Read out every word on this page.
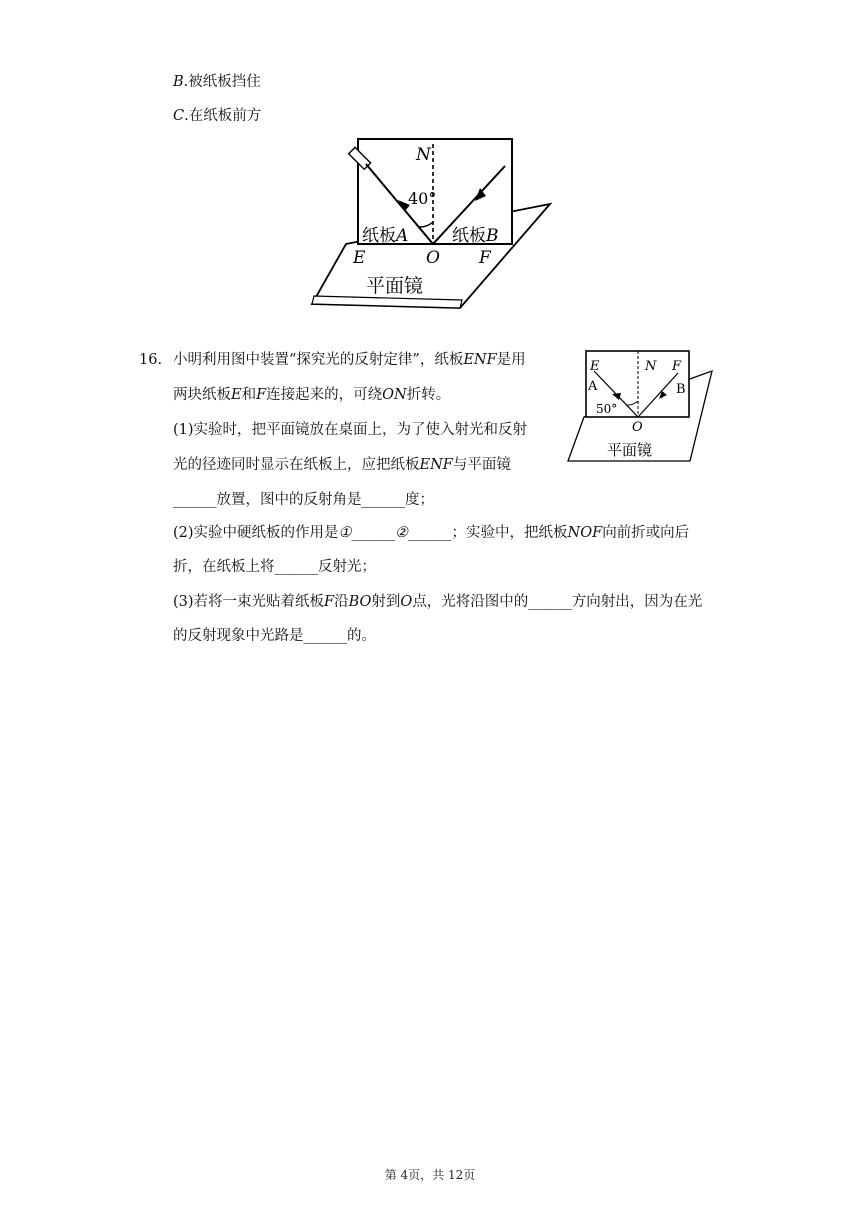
B.被纸板挡住
C.在纸板前方
N
40°
纸板A	纸板B
E	O F
平面镜
16. 小明利用图中装置“探究光的反射定律”，纸板ENF是用
两块纸板E和F连接起来的，可绕ON折转。
(1)实验时，把平面镜放在桌面上，为了使入射光和反射
光的径迹同时显示在纸板上，应把纸板ENF与平面镜
______放置，图中的反射角是______度；
(2)实验中硬纸板的作用是①______②______；实验中，把纸板NOF向前折或向后
折，在纸板上将______反射光；
(3)若将一束光贴着纸板F沿BO射到O点，光将沿图中的______方向射出，因为在光
的反射现象中光路是______的。
E	N F
A	B
50°
O
平面镜
第 4页，共 12页
